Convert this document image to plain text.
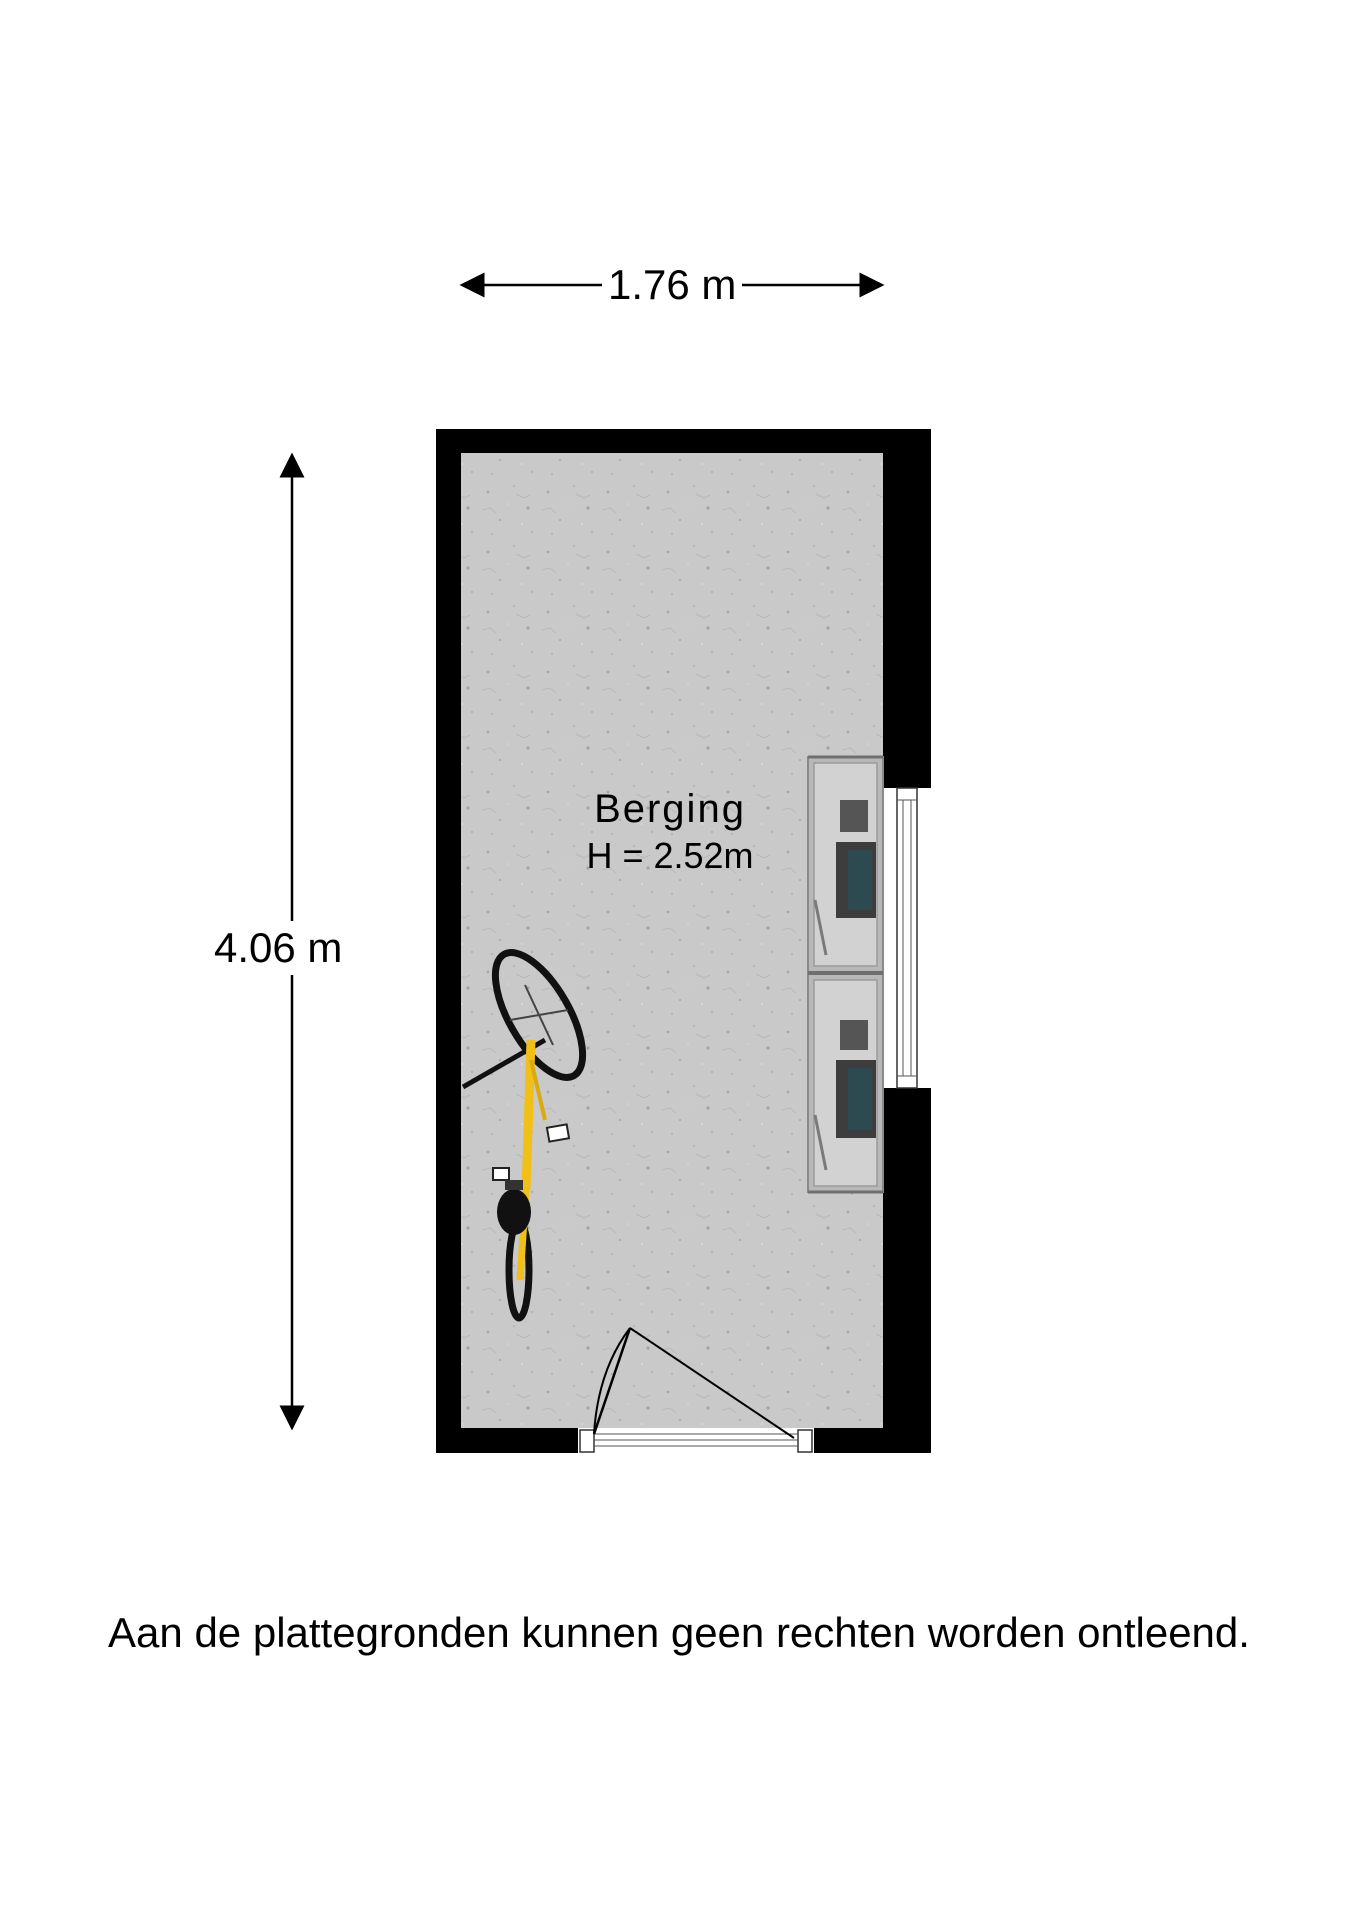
1.76 m
4.06 m
Berging
H = 2.52m
Aan de plattegronden kunnen geen rechten worden ontleend.
